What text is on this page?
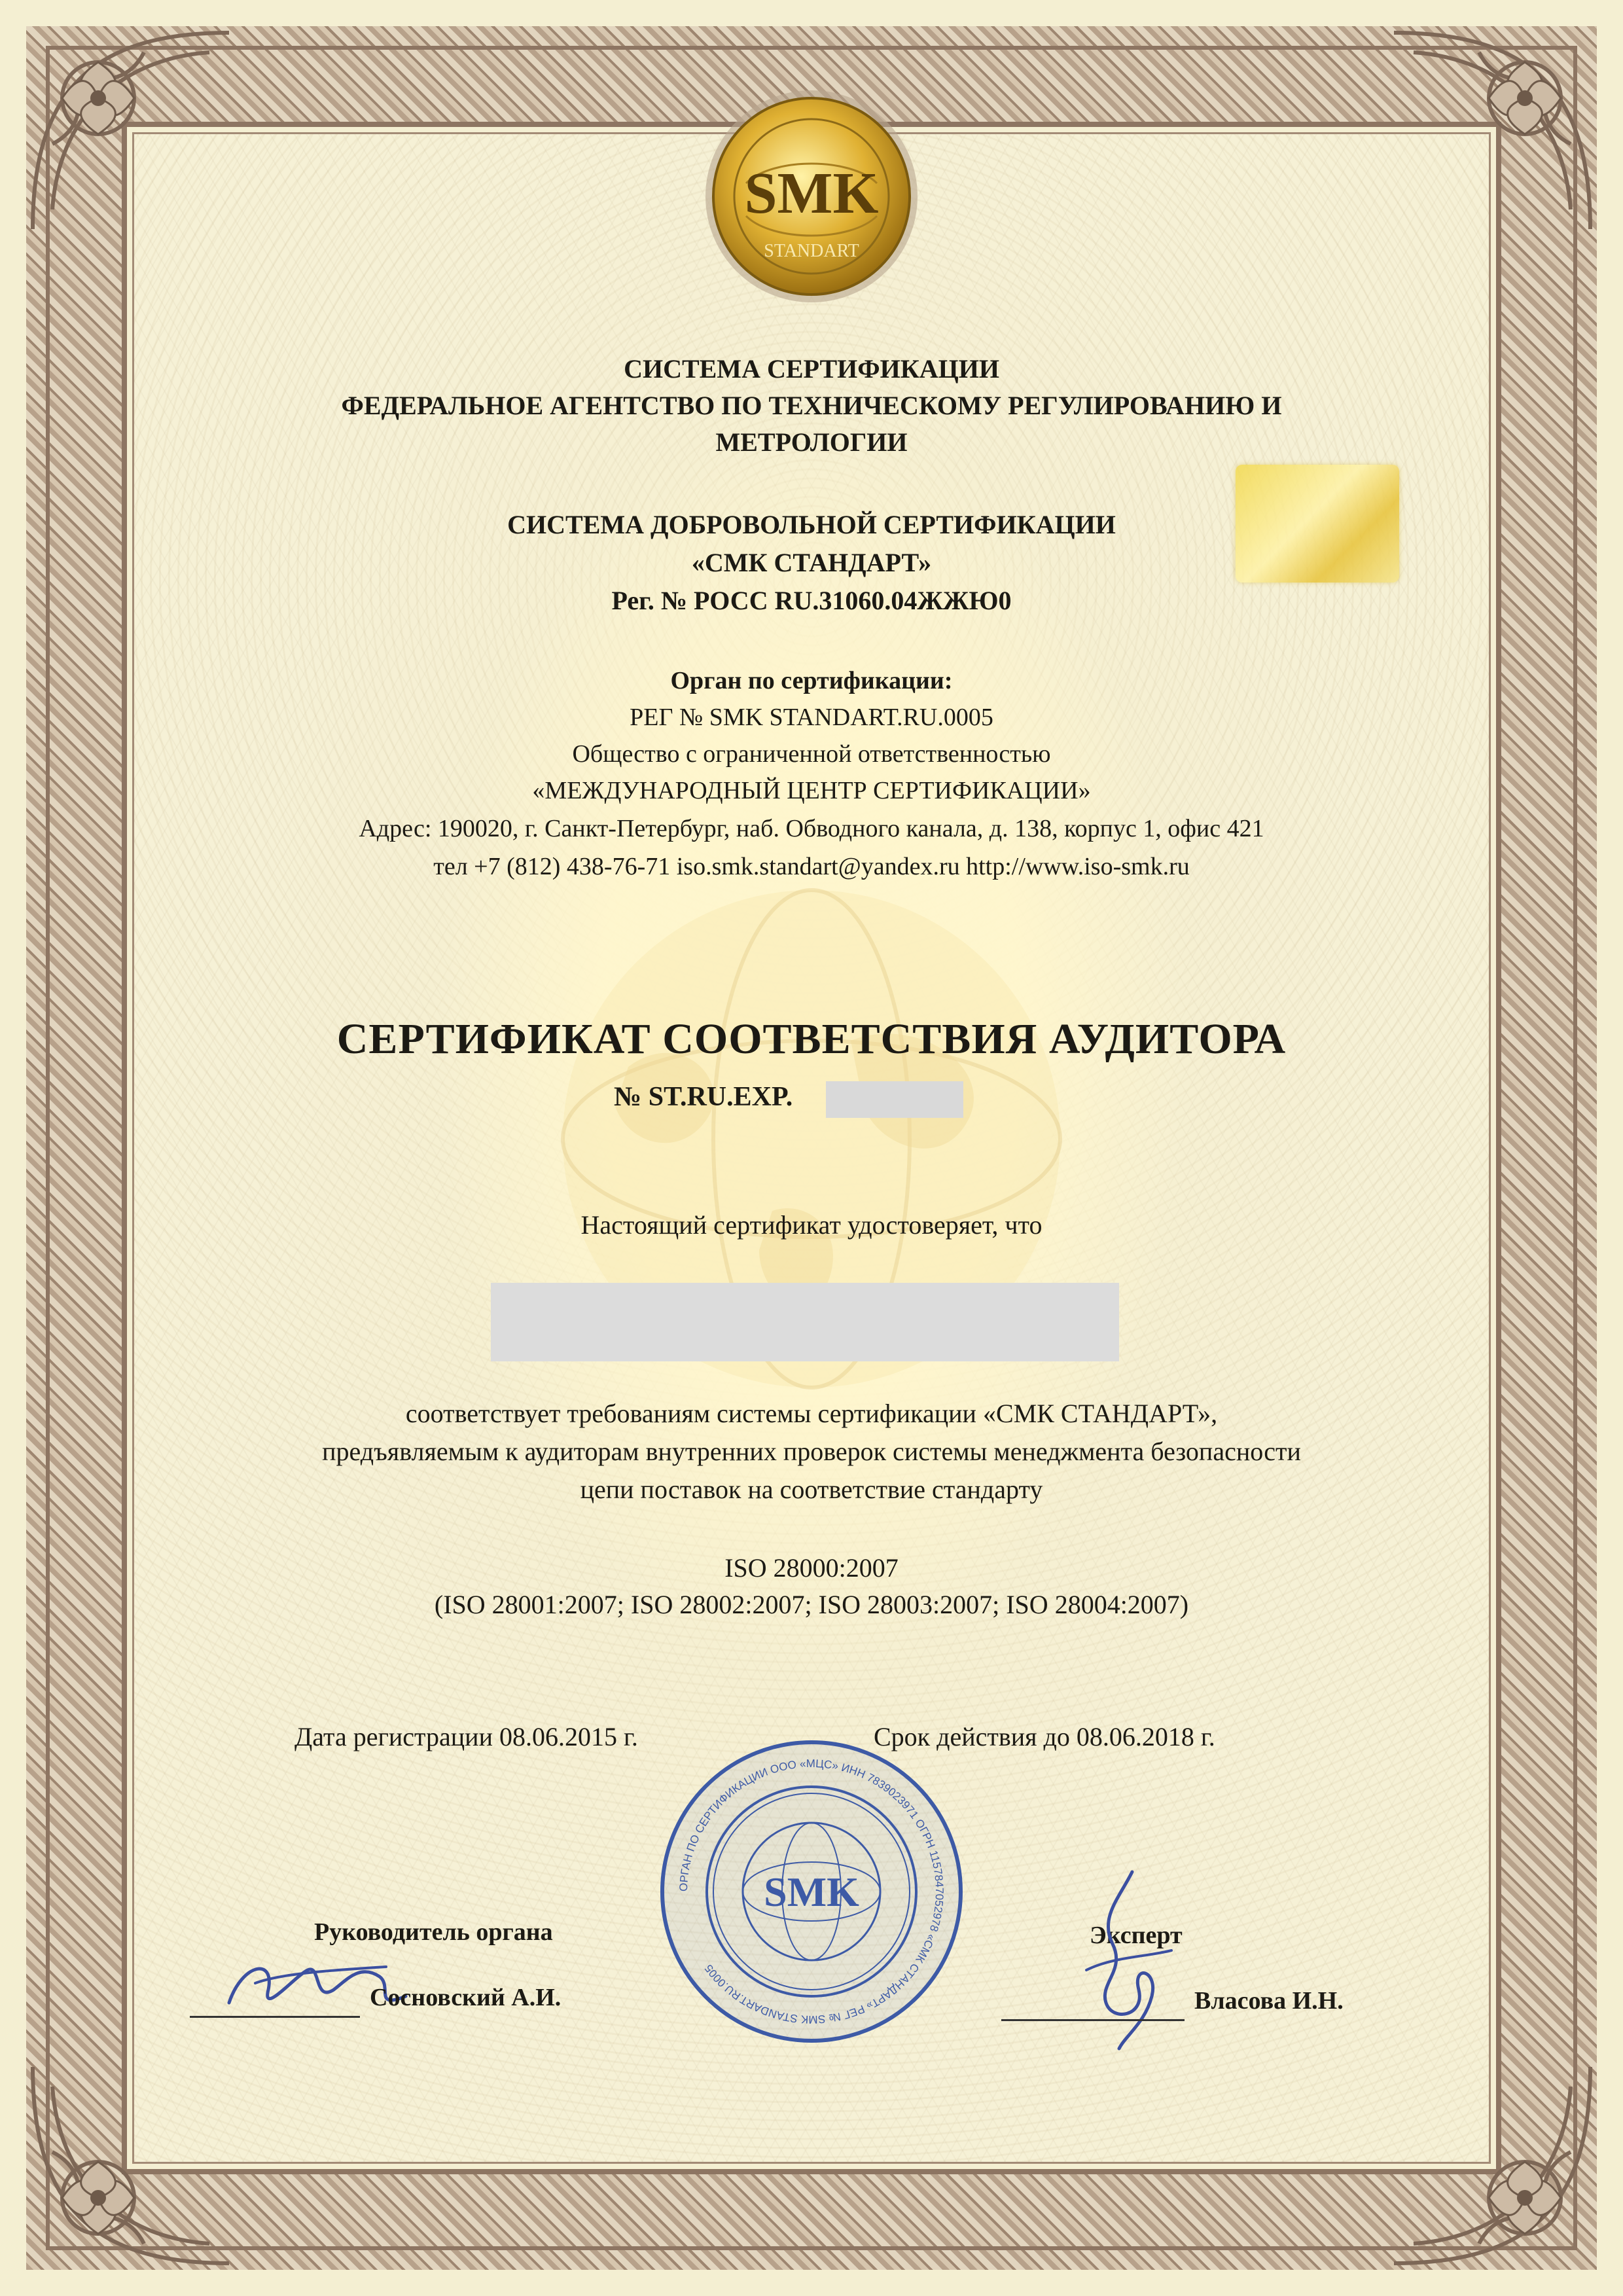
SMK
STANDART
СИСТЕМА СЕРТИФИКАЦИИ
ФЕДЕРАЛЬНОЕ АГЕНТСТВО ПО ТЕХНИЧЕСКОМУ РЕГУЛИРОВАНИЮ И
МЕТРОЛОГИИ
СИСТЕМА ДОБРОВОЛЬНОЙ СЕРТИФИКАЦИИ
«СМК СТАНДАРТ»
Рег. № РОСС RU.31060.04ЖЖЮ0
Орган по сертификации:
РЕГ № SMK STANDART.RU.0005
Общество с ограниченной ответственностью
«МЕЖДУНАРОДНЫЙ ЦЕНТР СЕРТИФИКАЦИИ»
Адрес: 190020, г. Санкт-Петербург, наб. Обводного канала, д. 138, корпус 1, офис 421
тел +7 (812) 438-76-71 iso.smk.standart@yandex.ru http://www.iso-smk.ru
СЕРТИФИКАТ СООТВЕТСТВИЯ АУДИТОРА
№ ST.RU.EXP.
Настоящий сертификат удостоверяет, что
соответствует требованиям системы сертификации «СМК СТАНДАРТ»,
предъявляемым к аудиторам внутренних проверок системы менеджмента безопасности
цепи поставок на соответствие стандарту
ISO 28000:2007
(ISO 28001:2007; ISO 28002:2007; ISO 28003:2007; ISO 28004:2007)
Дата регистрации 08.06.2015 г.	Срок действия до 08.06.2018 г.
ОРГАН ПО СЕРТИФИКАЦИИ ООО «МЦС» ИНН 7839023971 ОГРН 1157847052978 «СМК СТАНДАРТ» РЕГ № SMK STANDART.RU.0005
SMK
Руководитель органа
Сосновский А.И.
Эксперт
Власова И.Н.
